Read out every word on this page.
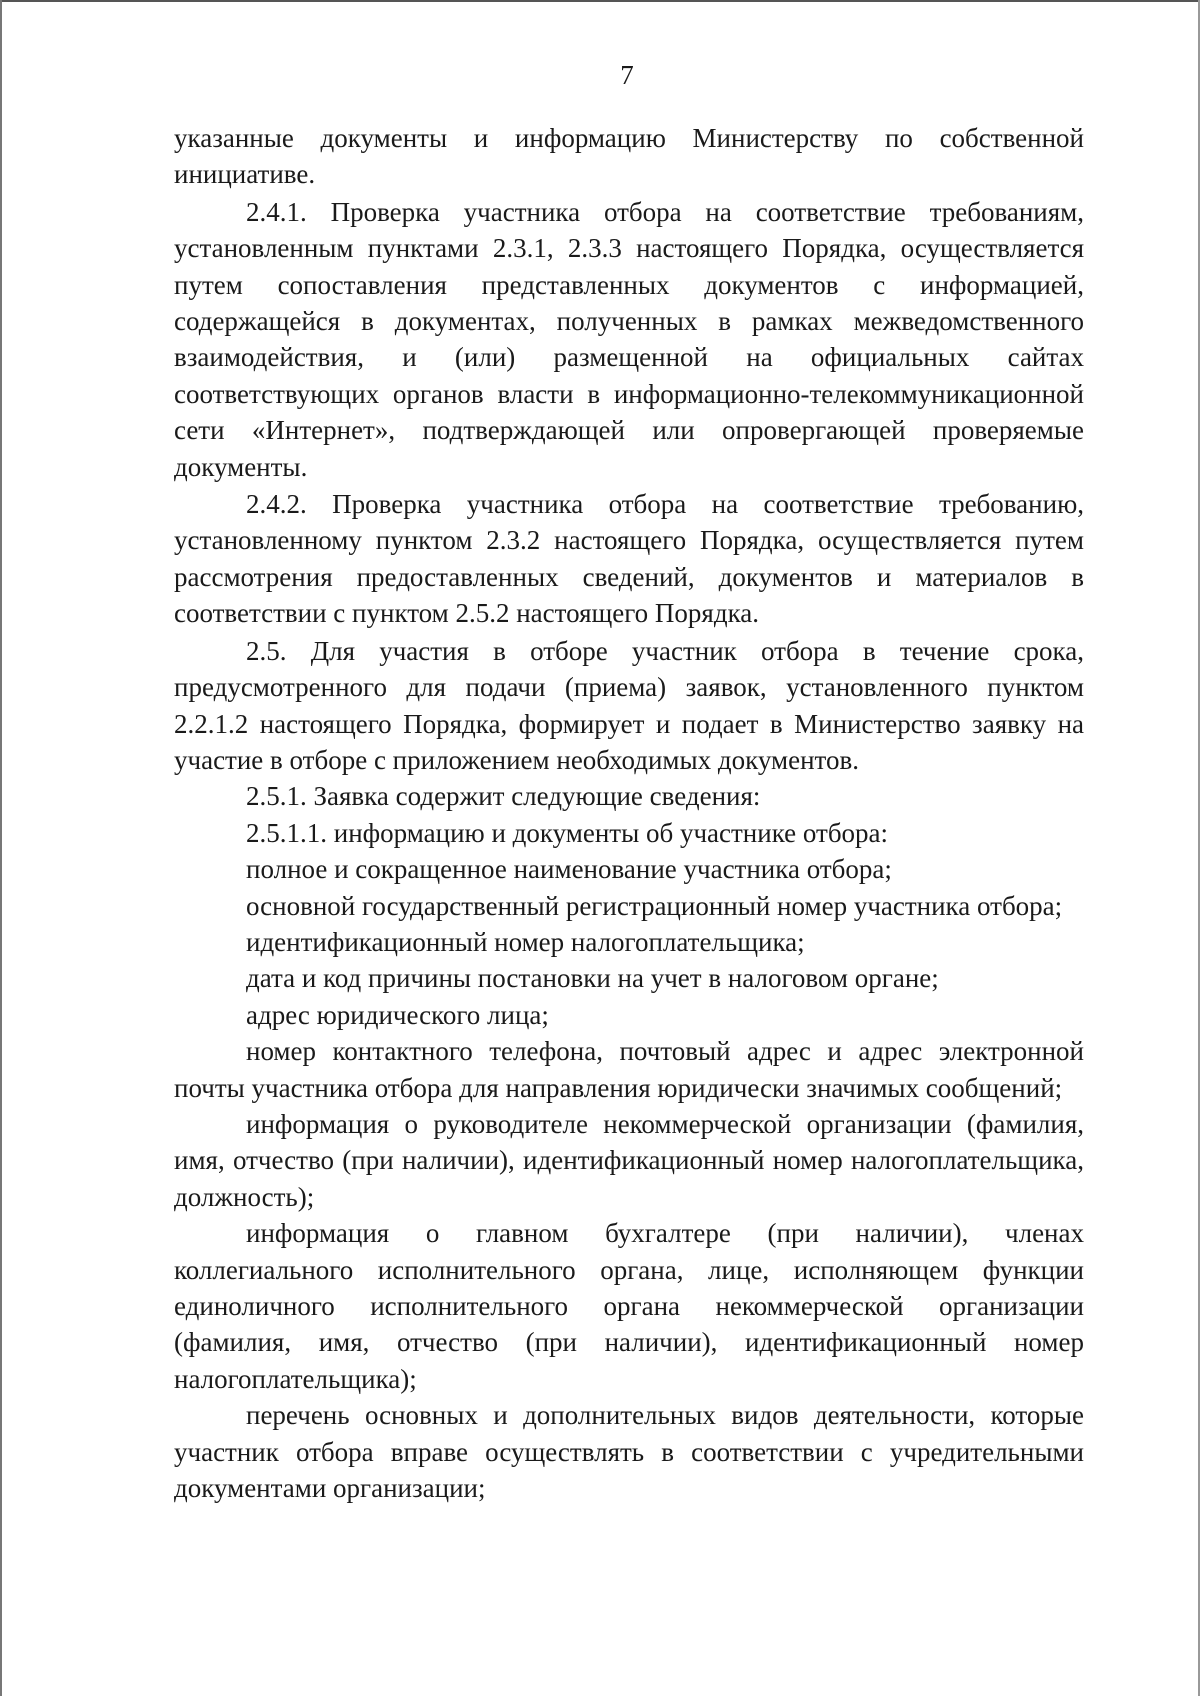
7

указанные документы и информацию Министерству по собственной инициативе.

2.4.1. Проверка участника отбора на соответствие требованиям, установленным пунктами 2.3.1, 2.3.3 настоящего Порядка, осуществляется путем сопоставления представленных документов с информацией, содержащейся в документах, полученных в рамках межведомственного взаимодействия, и (или) размещенной на официальных сайтах соответствующих органов власти в информационно-телекоммуникационной сети «Интернет», подтверждающей или опровергающей проверяемые документы.

2.4.2. Проверка участника отбора на соответствие требованию, установленному пунктом 2.3.2 настоящего Порядка, осуществляется путем рассмотрения предоставленных сведений, документов и материалов в соответствии с пунктом 2.5.2 настоящего Порядка.

2.5. Для участия в отборе участник отбора в течение срока, предусмотренного для подачи (приема) заявок, установленного пунктом 2.2.1.2 настоящего Порядка, формирует и подает в Министерство заявку на участие в отборе с приложением необходимых документов.

2.5.1. Заявка содержит следующие сведения:

2.5.1.1. информацию и документы об участнике отбора:

полное и сокращенное наименование участника отбора;

основной государственный регистрационный номер участника отбора;

идентификационный номер налогоплательщика;

дата и код причины постановки на учет в налоговом органе;

адрес юридического лица;

номер контактного телефона, почтовый адрес и адрес электронной почты участника отбора для направления юридически значимых сообщений;

информация о руководителе некоммерческой организации (фамилия, имя, отчество (при наличии), идентификационный номер налогоплательщика, должность);

информация о главном бухгалтере (при наличии), членах коллегиального исполнительного органа, лице, исполняющем функции единоличного исполнительного органа некоммерческой организации (фамилия, имя, отчество (при наличии), идентификационный номер налогоплательщика);

перечень основных и дополнительных видов деятельности, которые участник отбора вправе осуществлять в соответствии с учредительными документами организации;
